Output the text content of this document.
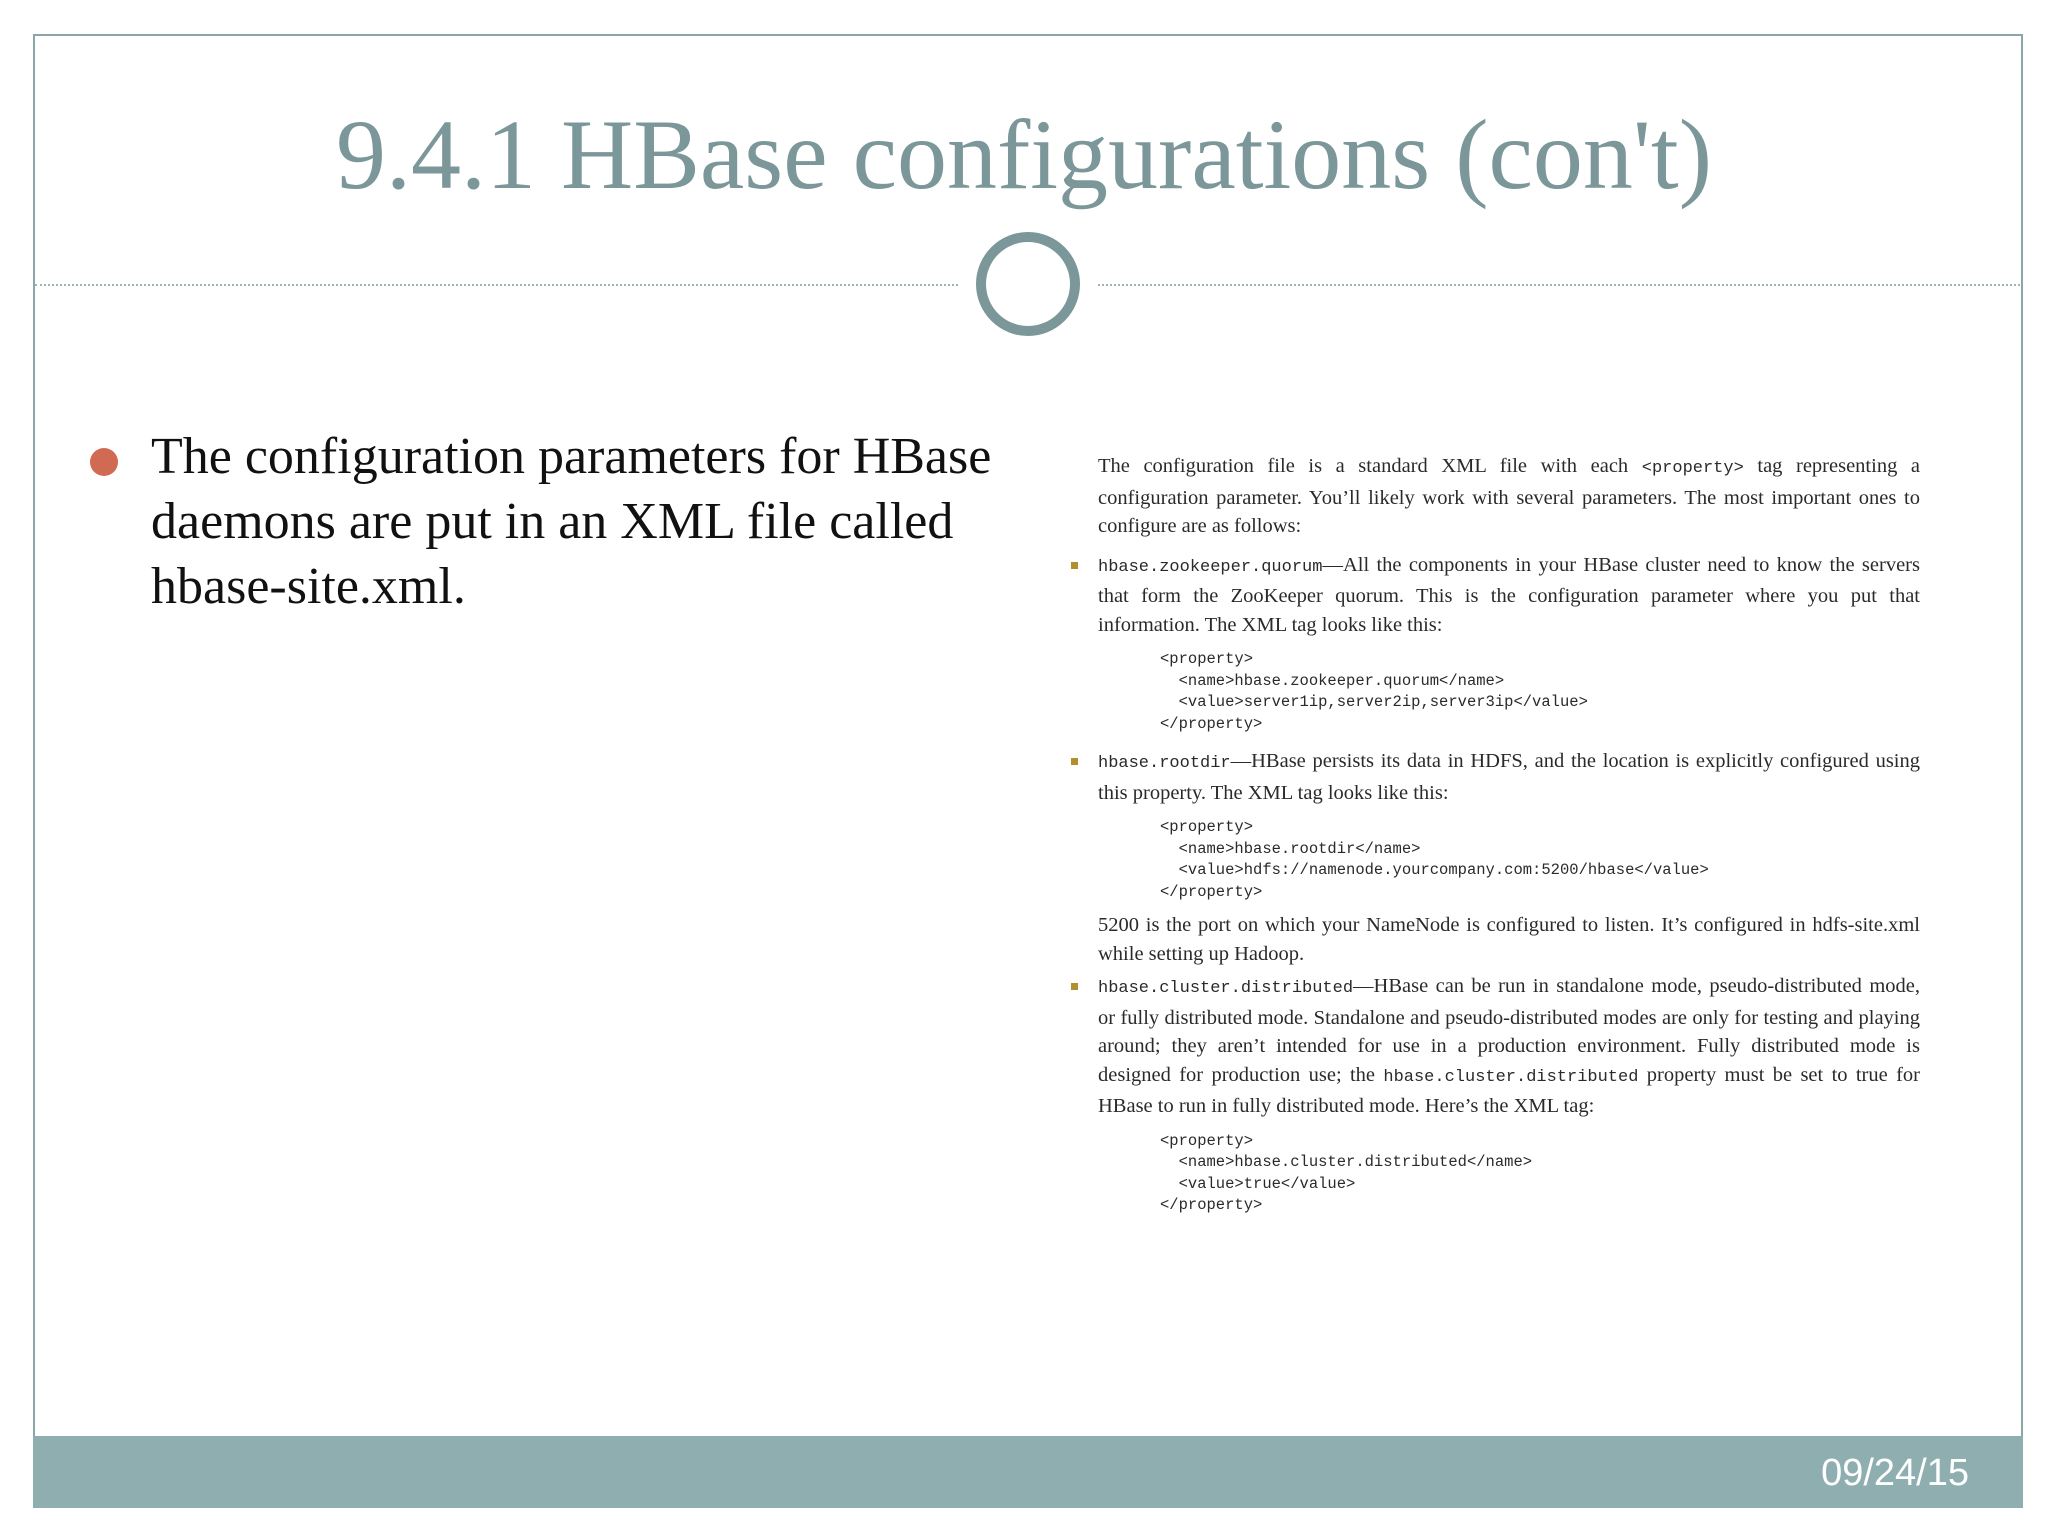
9.4.1 HBase configurations (con't)
The configuration parameters for HBase daemons are put in an XML file called hbase-site.xml.

The configuration file is a standard XML file with each <property> tag representing a configuration parameter. You’ll likely work with several parameters. The most important ones to configure are as follows:

hbase.zookeeper.quorum—All the components in your HBase cluster need to know the servers that form the ZooKeeper quorum. This is the configuration parameter where you put that information. The XML tag looks like this:

<property>
<name>hbase.zookeeper.quorum</name>
<value>server1ip,server2ip,server3ip</value>
</property>

hbase.rootdir—HBase persists its data in HDFS, and the location is explicitly configured using this property. The XML tag looks like this:

<property>
<name>hbase.rootdir</name>
<value>hdfs://namenode.yourcompany.com:5200/hbase</value>
</property>

5200 is the port on which your NameNode is configured to listen. It’s configured in hdfs-site.xml while setting up Hadoop.

hbase.cluster.distributed—HBase can be run in standalone mode, pseudo-distributed mode, or fully distributed mode. Standalone and pseudo-distributed modes are only for testing and playing around; they aren’t intended for use in a production environment. Fully distributed mode is designed for production use; the hbase.cluster.distributed property must be set to true for HBase to run in fully distributed mode. Here’s the XML tag:

<property>
<name>hbase.cluster.distributed</name>
<value>true</value>
</property>
09/24/15
